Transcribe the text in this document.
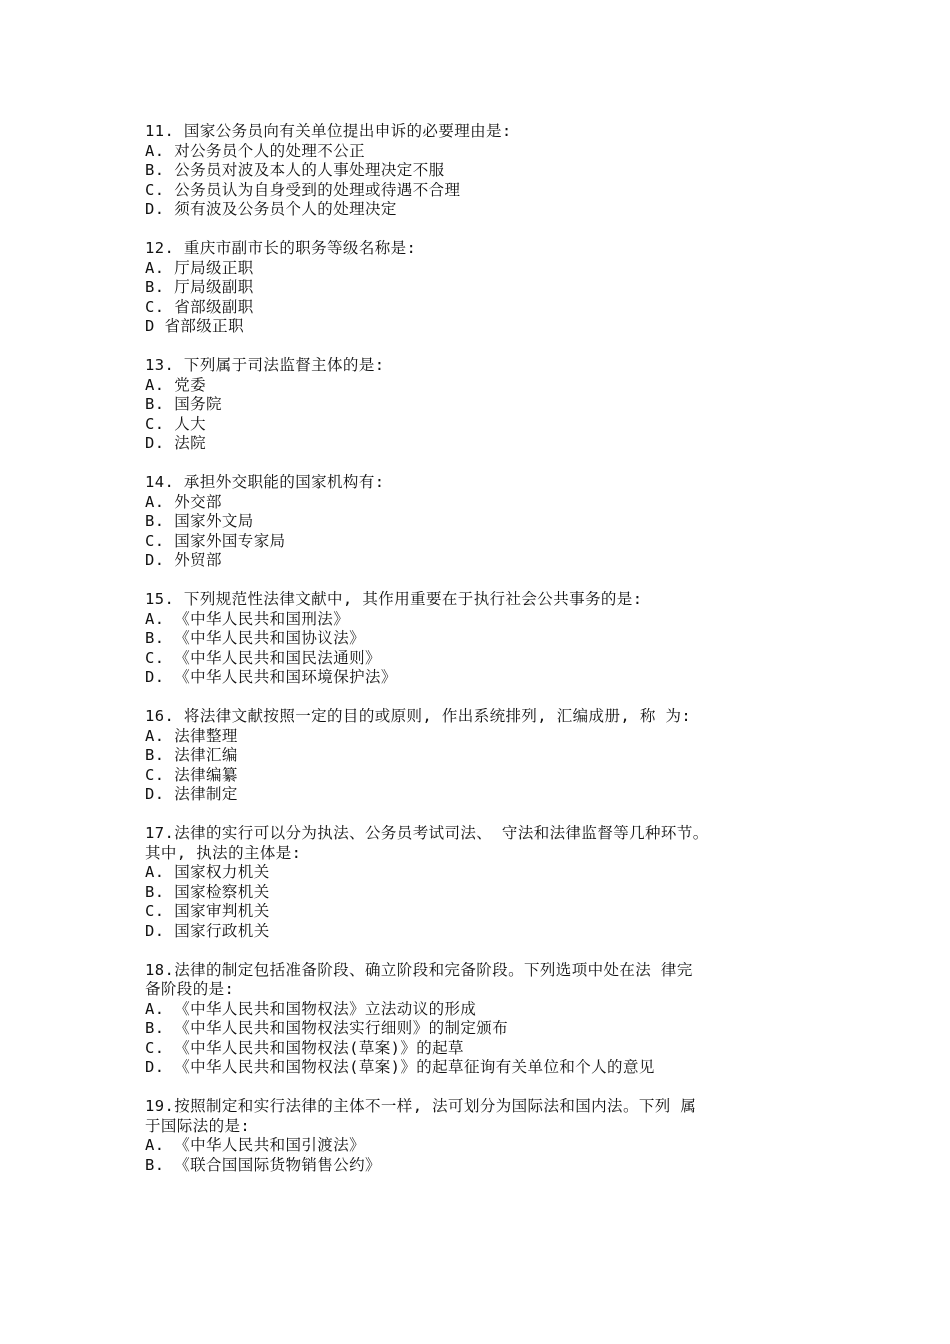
11. 国家公务员向有关单位提出申诉的必要理由是:
A. 对公务员个人的处理不公正
B. 公务员对波及本人的人事处理决定不服
C. 公务员认为自身受到的处理或待遇不合理
D. 须有波及公务员个人的处理决定
12. 重庆市副市长的职务等级名称是:
A. 厅局级正职
B. 厅局级副职
C. 省部级副职
D 省部级正职
13. 下列属于司法监督主体的是:
A. 党委
B. 国务院
C. 人大
D. 法院
14. 承担外交职能的国家机构有:
A. 外交部
B. 国家外文局
C. 国家外国专家局
D. 外贸部
15. 下列规范性法律文献中, 其作用重要在于执行社会公共事务的是:
A. 《中华人民共和国刑法》
B. 《中华人民共和国协议法》
C. 《中华人民共和国民法通则》
D. 《中华人民共和国环境保护法》
16. 将法律文献按照一定的目的或原则, 作出系统排列, 汇编成册, 称 为:
A. 法律整理
B. 法律汇编
C. 法律编纂
D. 法律制定
17.法律的实行可以分为执法、公务员考试司法、 守法和法律监督等几种环节。
其中, 执法的主体是:
A. 国家权力机关
B. 国家检察机关
C. 国家审判机关
D. 国家行政机关
18.法律的制定包括准备阶段、确立阶段和完备阶段。下列选项中处在法 律完
备阶段的是:
A. 《中华人民共和国物权法》立法动议的形成
B. 《中华人民共和国物权法实行细则》的制定颁布
C. 《中华人民共和国物权法(草案)》的起草
D. 《中华人民共和国物权法(草案)》的起草征询有关单位和个人的意见
19.按照制定和实行法律的主体不一样, 法可划分为国际法和国内法。下列 属
于国际法的是:
A. 《中华人民共和国引渡法》
B. 《联合国国际货物销售公约》
